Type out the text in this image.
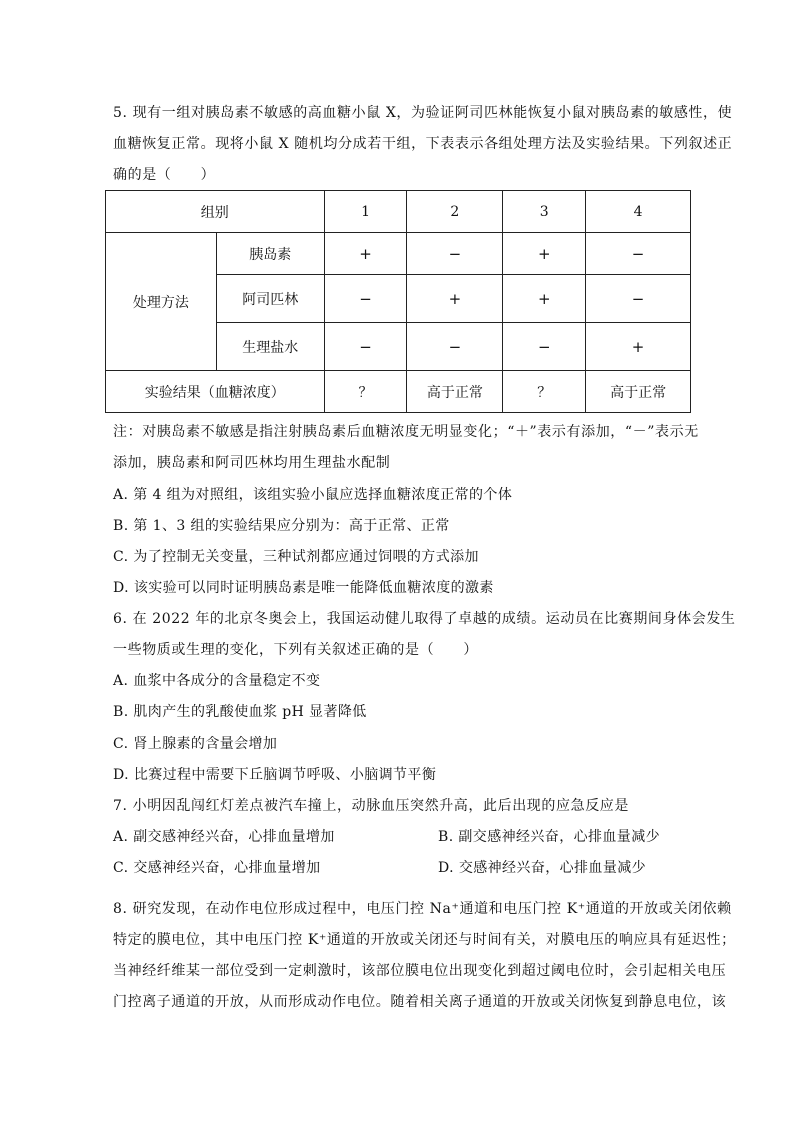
5. 现有一组对胰岛素不敏感的高血糖小鼠 X，为验证阿司匹林能恢复小鼠对胰岛素的敏感性，使
血糖恢复正常。现将小鼠 X 随机均分成若干组，下表表示各组处理方法及实验结果。下列叙述正
确的是（　　）
组别		1	2	3	4
处理方法	胰岛素	+	−	+	−
	阿司匹林	−	+	+	−
	生理盐水	−	−	−	+
实验结果（血糖浓度）		？	高于正常	？	高于正常
注：对胰岛素不敏感是指注射胰岛素后血糖浓度无明显变化；“＋”表示有添加，“－”表示无
添加，胰岛素和阿司匹林均用生理盐水配制
A. 第 4 组为对照组，该组实验小鼠应选择血糖浓度正常的个体
B. 第 1、3 组的实验结果应分别为：高于正常、正常
C. 为了控制无关变量，三种试剂都应通过饲喂的方式添加
D. 该实验可以同时证明胰岛素是唯一能降低血糖浓度的激素
6. 在 2022 年的北京冬奥会上，我国运动健儿取得了卓越的成绩。运动员在比赛期间身体会发生
一些物质或生理的变化，下列有关叙述正确的是（　　）
A. 血浆中各成分的含量稳定不变
B. 肌肉产生的乳酸使血浆 pH 显著降低
C. 肾上腺素的含量会增加
D. 比赛过程中需要下丘脑调节呼吸、小脑调节平衡
7. 小明因乱闯红灯差点被汽车撞上，动脉血压突然升高，此后出现的应急反应是
A. 副交感神经兴奋，心排血量增加	B. 副交感神经兴奋，心排血量减少
C. 交感神经兴奋，心排血量增加	D. 交感神经兴奋，心排血量减少
8. 研究发现，在动作电位形成过程中，电压门控 Na⁺通道和电压门控 K⁺通道的开放或关闭依赖
特定的膜电位，其中电压门控 K⁺通道的开放或关闭还与时间有关，对膜电压的响应具有延迟性；
当神经纤维某一部位受到一定刺激时，该部位膜电位出现变化到超过阈电位时，会引起相关电压
门控离子通道的开放，从而形成动作电位。随着相关离子通道的开放或关闭恢复到静息电位，该
